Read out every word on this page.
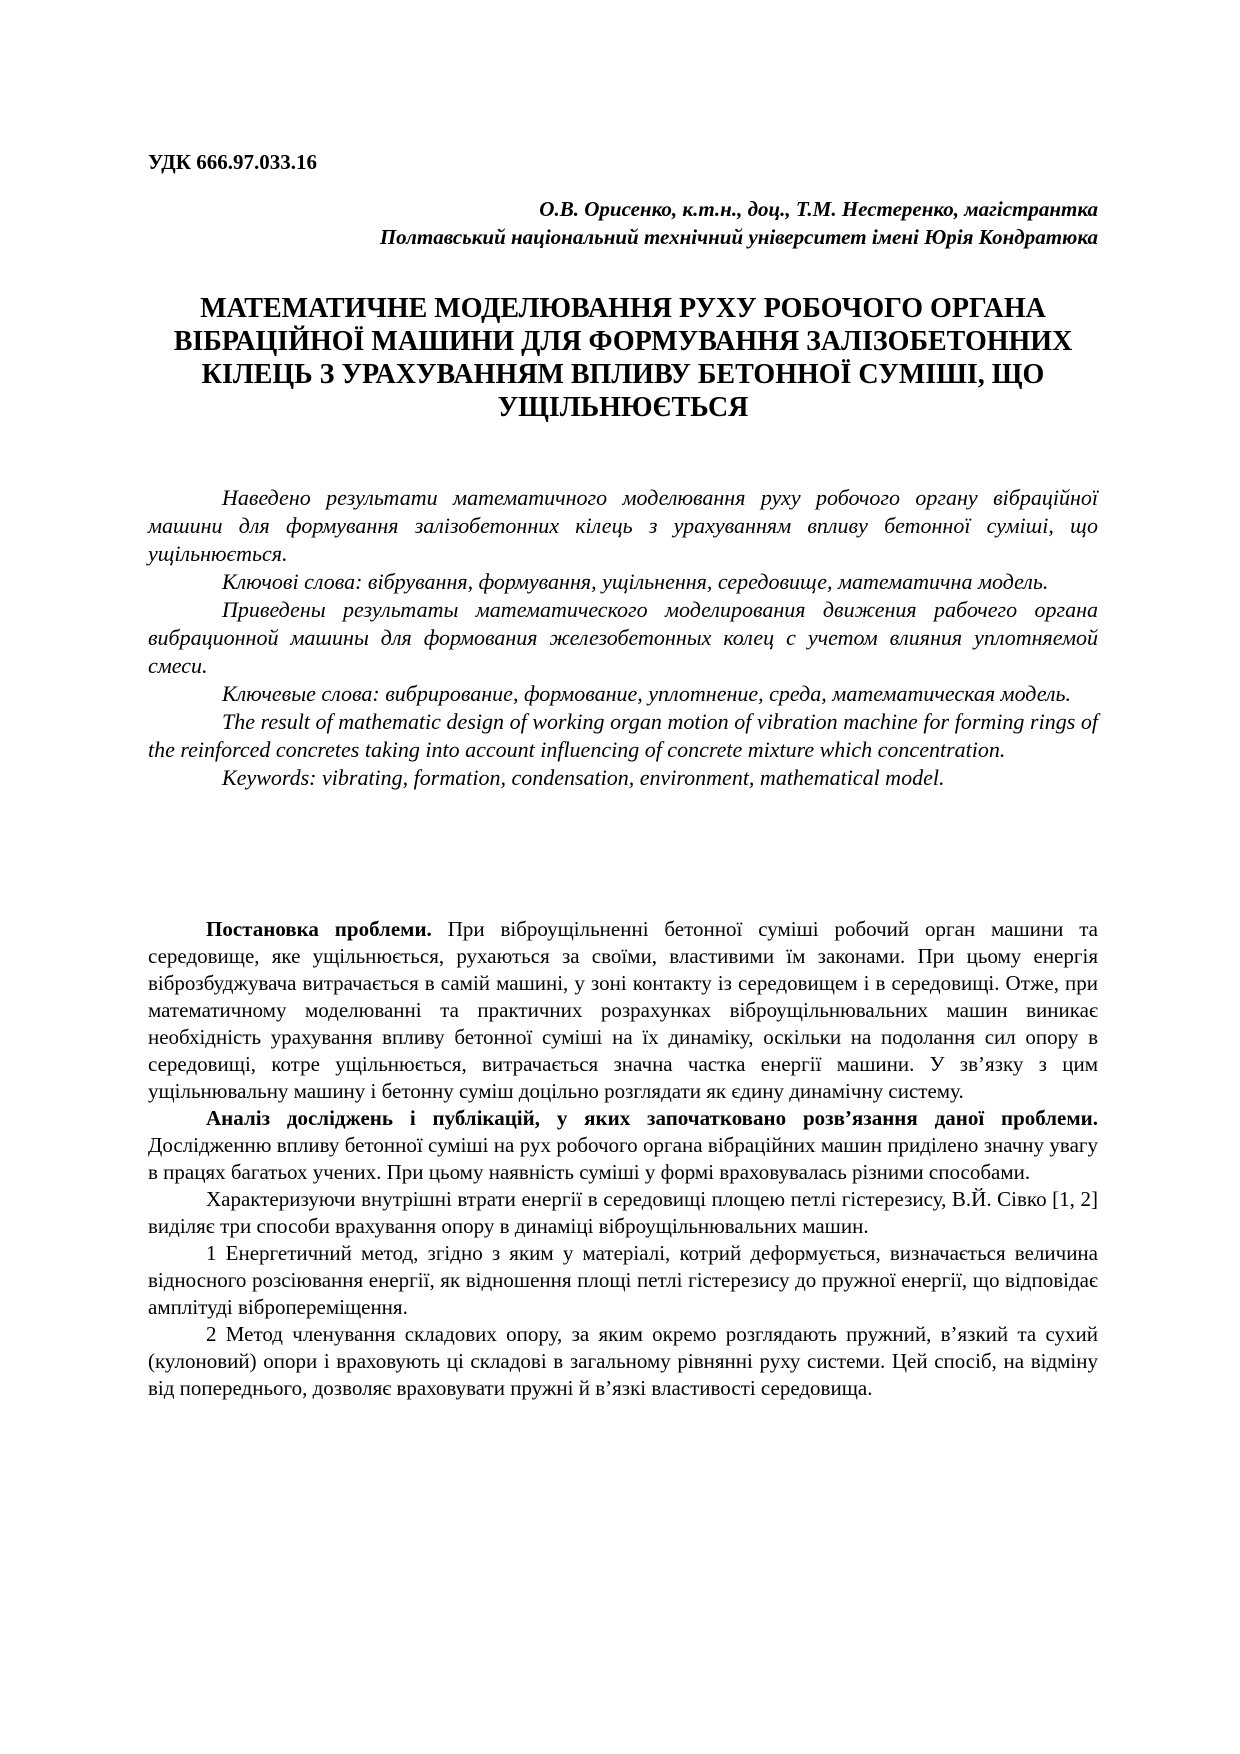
УДК 666.97.033.16
О.В. Орисенко, к.т.н., доц., Т.М. Нестеренко, магістрантка
Полтавський національний технічний університет імені Юрія Кондратюка
МАТЕМАТИЧНЕ МОДЕЛЮВАННЯ РУХУ РОБОЧОГО ОРГАНА
ВІБРАЦІЙНОЇ МАШИНИ ДЛЯ ФОРМУВАННЯ ЗАЛІЗОБЕТОННИХ
КІЛЕЦЬ З УРАХУВАННЯМ ВПЛИВУ БЕТОННОЇ СУМІШІ, ЩО
УЩІЛЬНЮЄТЬСЯ

Наведено результати математичного моделювання руху робочого органу вібраційної машини для формування залізобетонних кілець з урахуванням впливу бетонної суміші, що ущільнюється.

Ключові слова: вібрування, формування, ущільнення, середовище, математична модель.

Приведены результаты математического моделирования движения рабочего органа вибрационной машины для формования железобетонных колец с учетом влияния уплотняемой смеси.

Ключевые слова: вибрирование, формование, уплотнение, среда, математическая модель.

The result of mathematic design of working organ motion of vibration machine for forming rings of the reinforced concretes taking into account influencing of concrete mixture which concentration.

Keywords: vibrating, formation, condensation, environment, mathematical model.

Постановка проблеми. При віброущільненні бетонної суміші робочий орган машини та середовище, яке ущільнюється, рухаються за своїми, властивими їм законами. При цьому енергія віброзбуджувача витрачається в самій машині, у зоні контакту із середовищем і в середовищі. Отже, при математичному моделюванні та практичних розрахунках віброущільнювальних машин виникає необхідність урахування впливу бетонної суміші на їх динаміку, оскільки на подолання сил опору в середовищі, котре ущільнюється, витрачається значна частка енергії машини. У зв’язку з цим ущільнювальну машину і бетонну суміш доцільно розглядати як єдину динамічну систему.

Аналіз досліджень і публікацій, у яких започатковано розв’язання даної проблеми. Дослідженню впливу бетонної суміші на рух робочого органа вібраційних машин приділено значну увагу в працях багатьох учених. При цьому наявність суміші у формі враховувалась різними способами.

Характеризуючи внутрішні втрати енергії в середовищі площею петлі гістерезису, В.Й. Сівко [1, 2] виділяє три способи врахування опору в динаміці віброущільнювальних машин.

1 Енергетичний метод, згідно з яким у матеріалі, котрий деформується, визначається величина відносного розсіювання енергії, як відношення площі петлі гістерезису до пружної енергії, що відповідає амплітуді вібропереміщення.

2 Метод членування складових опору, за яким окремо розглядають пружний, в’язкий та сухий (кулоновий) опори і враховують ці складові в загальному рівнянні руху системи. Цей спосіб, на відміну від попереднього, дозволяє враховувати пружні й в’язкі властивості середовища.
